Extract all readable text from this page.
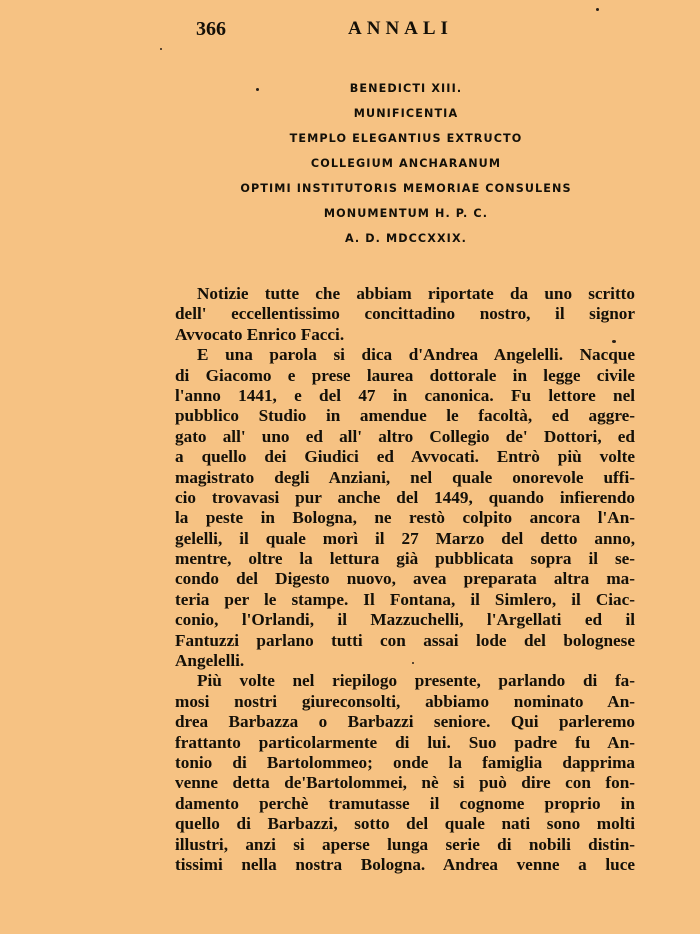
366	ANNALI
BENEDICTI XIII.
MUNIFICENTIA
TEMPLO ELEGANTIUS EXTRUCTO
COLLEGIUM ANCHARANUM
OPTIMI INSTITUTORIS MEMORIAE CONSULENS
MONUMENTUM H. P. C.
A. D. MDCCXXIX.
Notizie tutte che abbiam riportate da uno scritto
dell' eccellentissimo concittadino nostro, il signor
Avvocato Enrico Facci.
E una parola si dica d'Andrea Angelelli. Nacque
di Giacomo e prese laurea dottorale in legge civile
l'anno 1441, e del 47 in canonica. Fu lettore nel
pubblico Studio in amendue le facoltà, ed aggre-
gato all' uno ed all' altro Collegio de' Dottori, ed
a quello dei Giudici ed Avvocati. Entrò più volte
magistrato degli Anziani, nel quale onorevole uffi-
cio trovavasi pur anche del 1449, quando infierendo
la peste in Bologna, ne restò colpito ancora l'An-
gelelli, il quale morì il 27 Marzo del detto anno,
mentre, oltre la lettura già pubblicata sopra il se-
condo del Digesto nuovo, avea preparata altra ma-
teria per le stampe. Il Fontana, il Simlero, il Ciac-
conio, l'Orlandi, il Mazzuchelli, l'Argellati ed il
Fantuzzi parlano tutti con assai lode del bolognese
Angelelli.
Più volte nel riepilogo presente, parlando di fa-
mosi nostri giureconsolti, abbiamo nominato An-
drea Barbazza o Barbazzi seniore. Qui parleremo
frattanto particolarmente di lui. Suo padre fu An-
tonio di Bartolommeo; onde la famiglia dapprima
venne detta de'Bartolommei, nè si può dire con fon-
damento perchè tramutasse il cognome proprio in
quello di Barbazzi, sotto del quale nati sono molti
illustri, anzi si aperse lunga serie di nobili distin-
tissimi nella nostra Bologna. Andrea venne a luce
